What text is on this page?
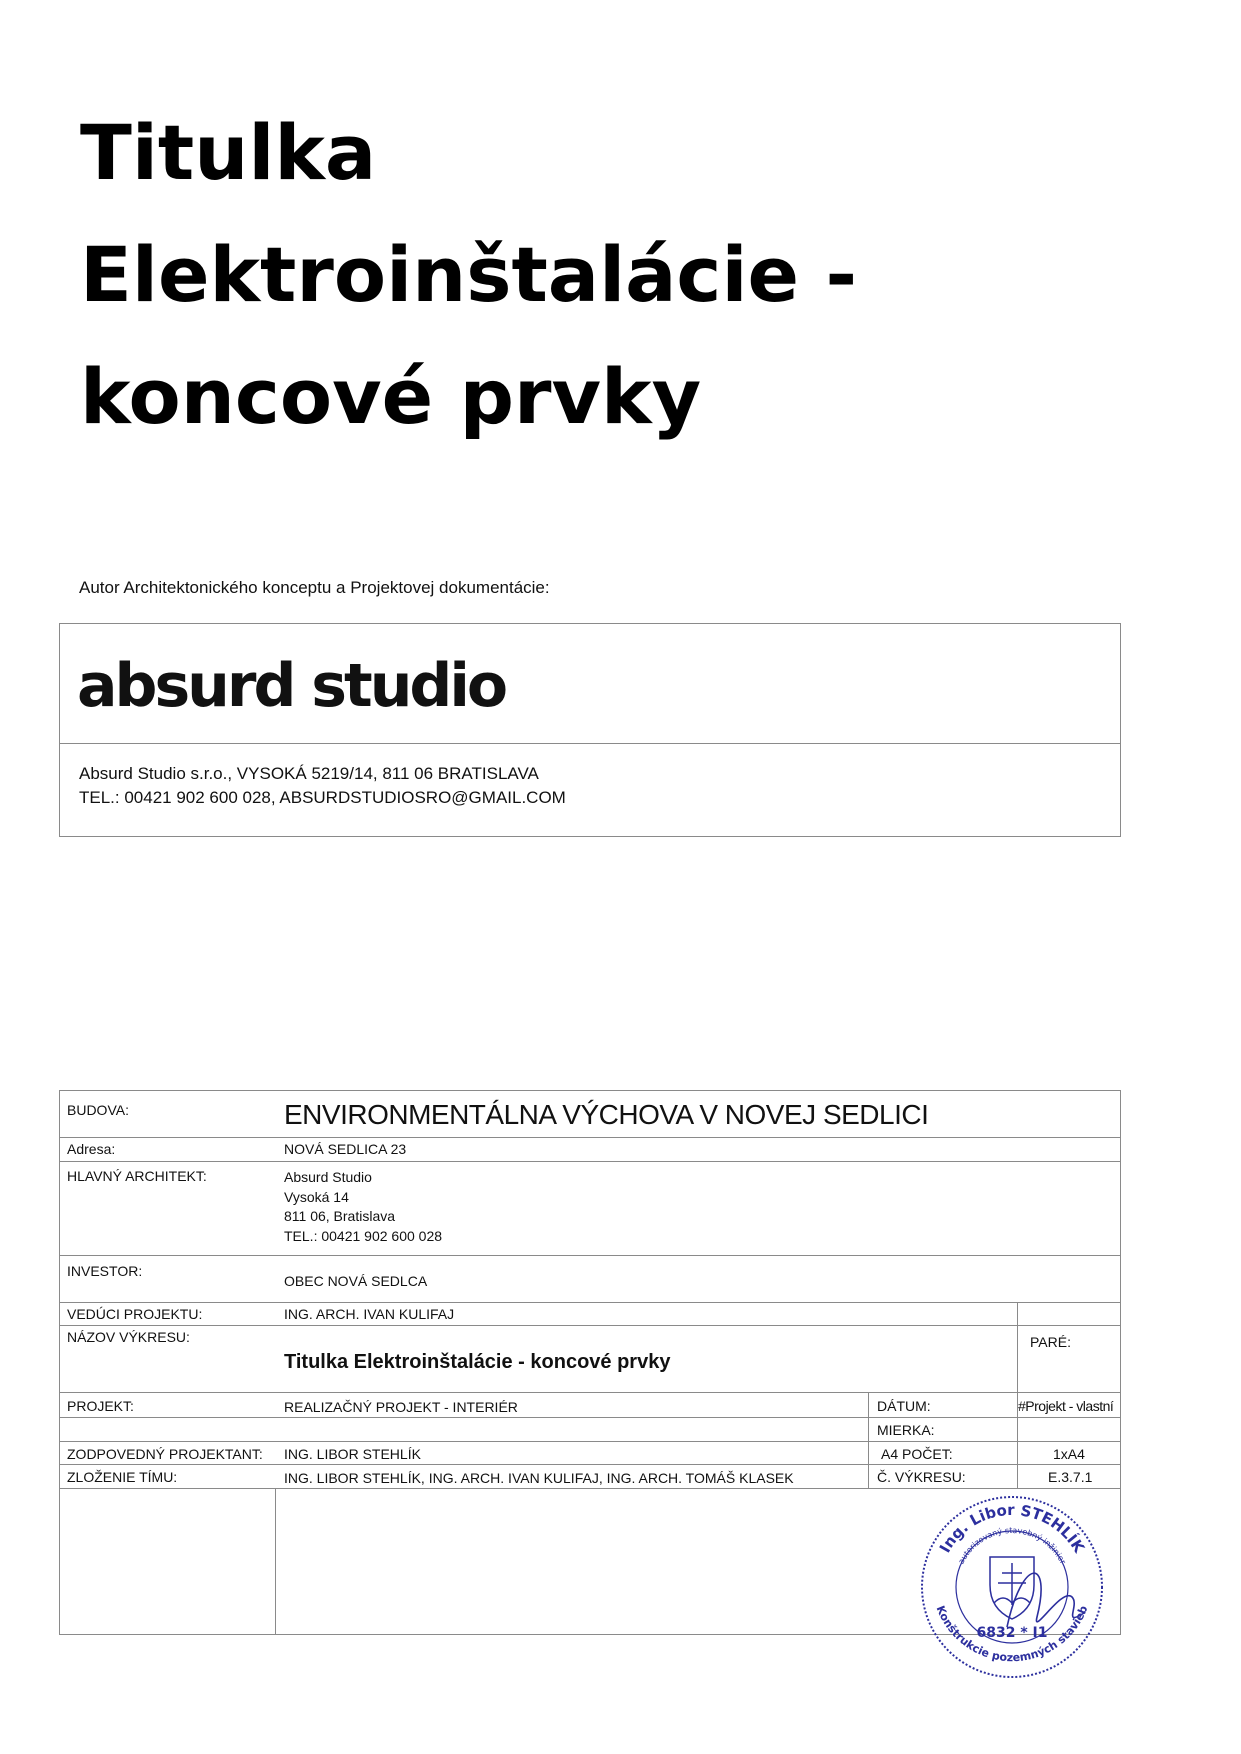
Titulka
Elektroinštalácie -
koncové prvky
Autor Architektonického konceptu a Projektovej dokumentácie:
absurd studio
Absurd Studio s.r.o., VYSOKÁ 5219/14, 811 06 BRATISLAVA
TEL.: 00421 902 600 028, ABSURDSTUDIOSRO@GMAIL.COM
BUDOVA:	ENVIRONMENTÁLNA VÝCHOVA V NOVEJ SEDLICI
Adresa:	NOVÁ SEDLICA 23
HLAVNÝ ARCHITEKT:	Absurd Studio
Vysoká 14
811 06, Bratislava
TEL.: 00421 902 600 028
INVESTOR:
OBEC NOVÁ SEDLCA
VEDÚCI PROJEKTU:	ING. ARCH. IVAN KULIFAJ
NÁZOV VÝKRESU:
Titulka Elektroinštalácie - koncové prvky
PARÉ:
PROJEKT:	REALIZAČNÝ PROJEKT - INTERIÉR	DÁTUM:	#Projekt - vlastní
MIERKA:
ZODPOVEDNÝ PROJEKTANT: ING. LIBOR STEHLÍK	A4 POČET:	1xA4
ZLOŽENIE TÍMU:	ING. LIBOR STEHLÍK, ING. ARCH. IVAN KULIFAJ, ING. ARCH. TOMÁŠ KLASEK	Č. VÝKRESU:	E.3.7.1
Ing. Libor STEHLÍK
autorizovaný stavebný inžinier
Konštrukcie pozemných stavieb
6832 * I1
